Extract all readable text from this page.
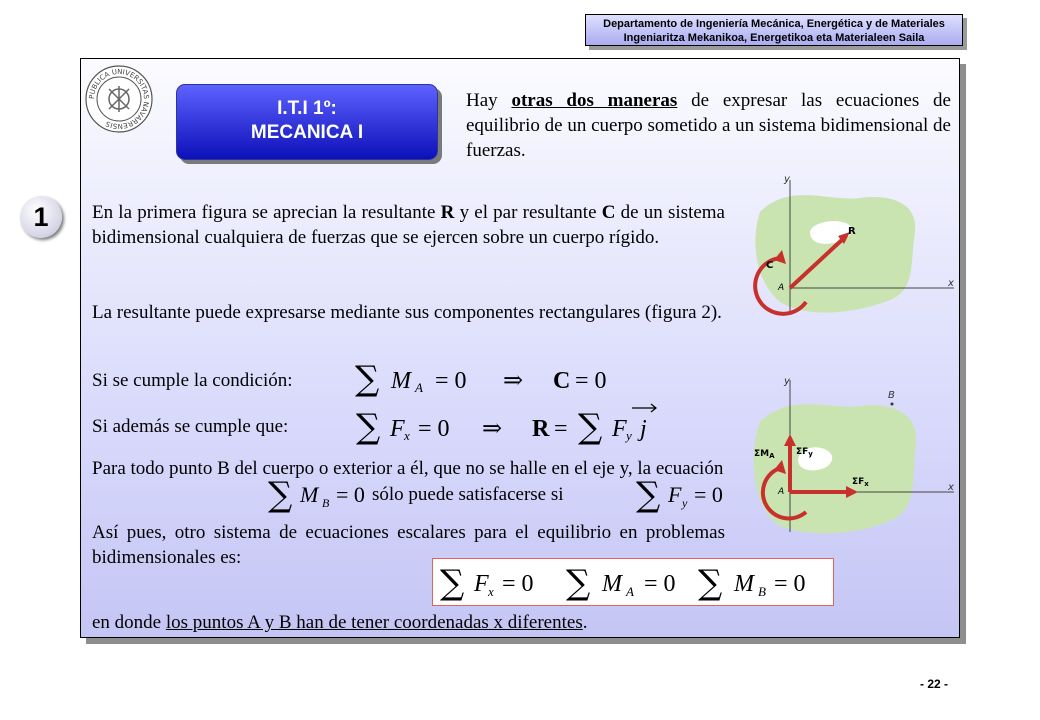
Departamento de Ingeniería Mecánica, Energética y de Materiales
Ingeniaritza Mekanikoa, Energetikoa eta Materialeen Saila
PUBLICA UNIVERSITAS NAVARRENSIS
I.T.I 1º:
MECANICA I
1
Hay otras dos maneras de expresar las ecuaciones de equilibrio de un cuerpo sometido a un sistema bidimensional de fuerzas.
En la primera figura se aprecian la resultante R y el par resultante C de un sistema bidimensional cualquiera de fuerzas que se ejercen sobre un cuerpo rígido.
La resultante puede expresarse mediante sus componentes rectangulares (figura 2).
Si se cumple la condición: ∑ M A = 0 ⇒ C = 0
Si además se cumple que: ∑ F x = 0 ⇒ R = ∑ F y j
Para todo punto B del cuerpo o exterior a él, que no se halle en el eje y, la ecuación
∑ M B = 0 sólo puede satisfacerse si ∑ F y = 0
Así pues, otro sistema de ecuaciones escalares para el equilibrio en problemas bidimensionales es:
∑ F x = 0 ∑ M A = 0 ∑ M B = 0
en donde los puntos A y B han de tener coordenadas x diferentes.
y
x
R
C
A
y
x
B
$\Sigma M_A$ $\Sigma F_y$
$\Sigma F_x$
A
- 22 -
